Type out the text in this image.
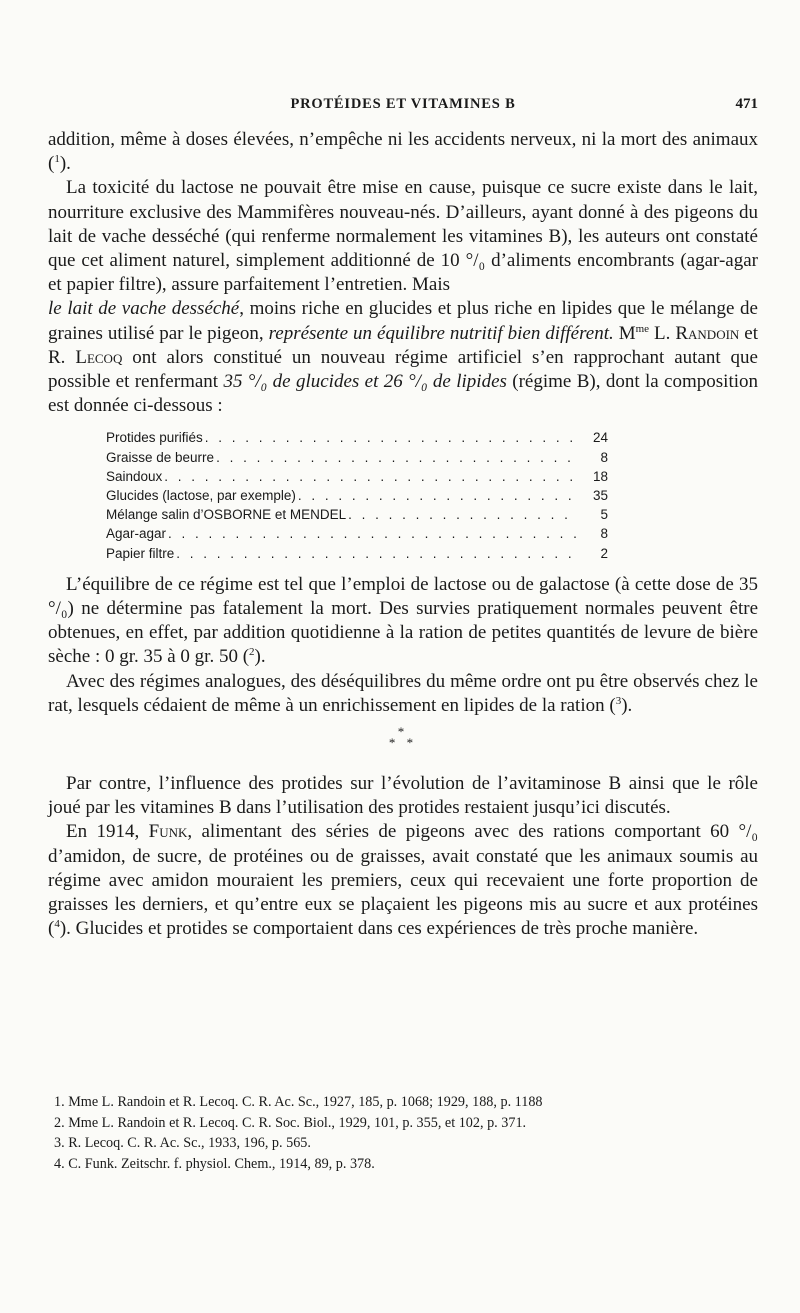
PROTÉIDES ET VITAMINES B	471

addition, même à doses élevées, n’empêche ni les accidents nerveux, ni la mort des animaux ($^1$).

La toxicité du lactose ne pouvait être mise en cause, puisque ce sucre existe dans le lait, nourriture exclusive des Mammifères nouveau-nés. D’ailleurs, ayant donné à des pigeons du lait de vache desséché (qui renferme normalement les vitamines B), les auteurs ont constaté que cet aliment naturel, simplement additionné de 10 °/₀ d’aliments encombrants (agar-agar et papier filtre), assure parfaitement l’entretien. Mais

le lait de vache desséché, moins riche en glucides et plus riche en lipides que le mélange de graines utilisé par le pigeon, représente un équilibre nutritif bien différent. $M^{me}$ L. Randoin et R. Lecoq ont alors constitué un nouveau régime artificiel s’en rapprochant autant que possible et renfermant 35 °/₀ de glucides et 26 °/₀ de lipides (régime B), dont la composition est donnée ci-dessous :

Protides purifiés . . .	24
Graisse de beurre . . .	8
Saindoux . . .	18
Glucides (lactose, par exemple) . . .	35
Mélange salin d’OSBORNE et MENDEL . . .	5
Agar-agar . . .	8
Papier filtre . . .	2

L’équilibre de ce régime est tel que l’emploi de lactose ou de galactose (à cette dose de 35 °/₀) ne détermine pas fatalement la mort. Des survies pratiquement normales peuvent être obtenues, en effet, par addition quotidienne à la ration de petites quantités de levure de bière sèche : 0 gr. 35 à 0 gr. 50 ($^2$).

Avec des régimes analogues, des déséquilibres du même ordre ont pu être observés chez le rat, lesquels cédaient de même à un enrichissement en lipides de la ration ($^3$).

*
* *

Par contre, l’influence des protides sur l’évolution de l’avitaminose B ainsi que le rôle joué par les vitamines B dans l’utilisation des protides restaient jusqu’ici discutés.

En 1914, Funk, alimentant des séries de pigeons avec des rations comportant 60 °/₀ d’amidon, de sucre, de protéines ou de graisses, avait constaté que les animaux soumis au régime avec amidon mouraient les premiers, ceux qui recevaient une forte proportion de graisses les derniers, et qu’entre eux se plaçaient les pigeons mis au sucre et aux protéines ($^4$). Glucides et protides se comportaient dans ces expériences de très proche manière.

1. Mme L. Randoin et R. Lecoq. C. R. Ac. Sc., 1927, 185, p. 1068; 1929, 188, p. 1188
2. Mme L. Randoin et R. Lecoq. C. R. Soc. Biol., 1929, 101, p. 355, et 102, p. 371.
3. R. Lecoq. C. R. Ac. Sc., 1933, 196, p. 565.
4. C. Funk. Zeitschr. f. physiol. Chem., 1914, 89, p. 378.
